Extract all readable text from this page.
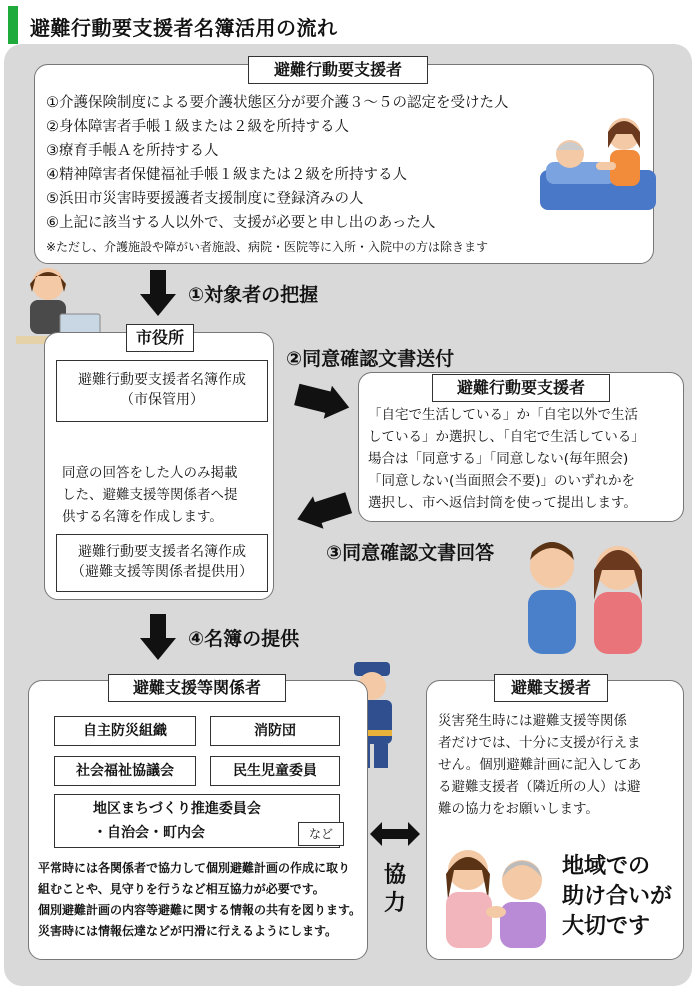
避難行動要支援者名簿活用の流れ
避難行動要支援者
①介護保険制度による要介護状態区分が要介護３～５の認定を受けた人
②身体障害者手帳１級または２級を所持する人
③療育手帳Ａを所持する人
④精神障害者保健福祉手帳１級または２級を所持する人
⑤浜田市災害時要援護者支援制度に登録済みの人
⑥上記に該当する人以外で、支援が必要と申し出のあった人
※ただし、介護施設や障がい者施設、病院・医院等に入所・入院中の方は除きます
①対象者の把握
市役所
避難行動要支援者名簿作成
（市保管用）
同意の回答をした人のみ掲載
した、避難支援等関係者へ提
供する名簿を作成します。
避難行動要支援者名簿作成
（避難支援等関係者提供用）
②同意確認文書送付
避難行動要支援者
「自宅で生活している」か「自宅以外で生活
している」か選択し、「自宅で生活している」
場合は「同意する」「同意しない(毎年照会)
「同意しない(当面照会不要)」のいずれかを
選択し、市へ返信封筒を使って提出します。
③同意確認文書回答
④名簿の提供
避難支援等関係者
自主防災組織	消防団
社会福祉協議会	民生児童委員
地区まちづくり推進委員会
・自治会・町内会	など
平常時には各関係者で協力して個別避難計画の作成に取り
組むことや、見守りを行うなど相互協力が必要です。
個別避難計画の内容等避難に関する情報の共有を図ります。
災害時には情報伝達などが円滑に行えるようにします。
協力
避難支援者
災害発生時には避難支援等関係
者だけでは、十分に支援が行えま
せん。個別避難計画に記入してあ
る避難支援者（隣近所の人）は避
難の協力をお願いします。
地域での
助け合いが
大切です
